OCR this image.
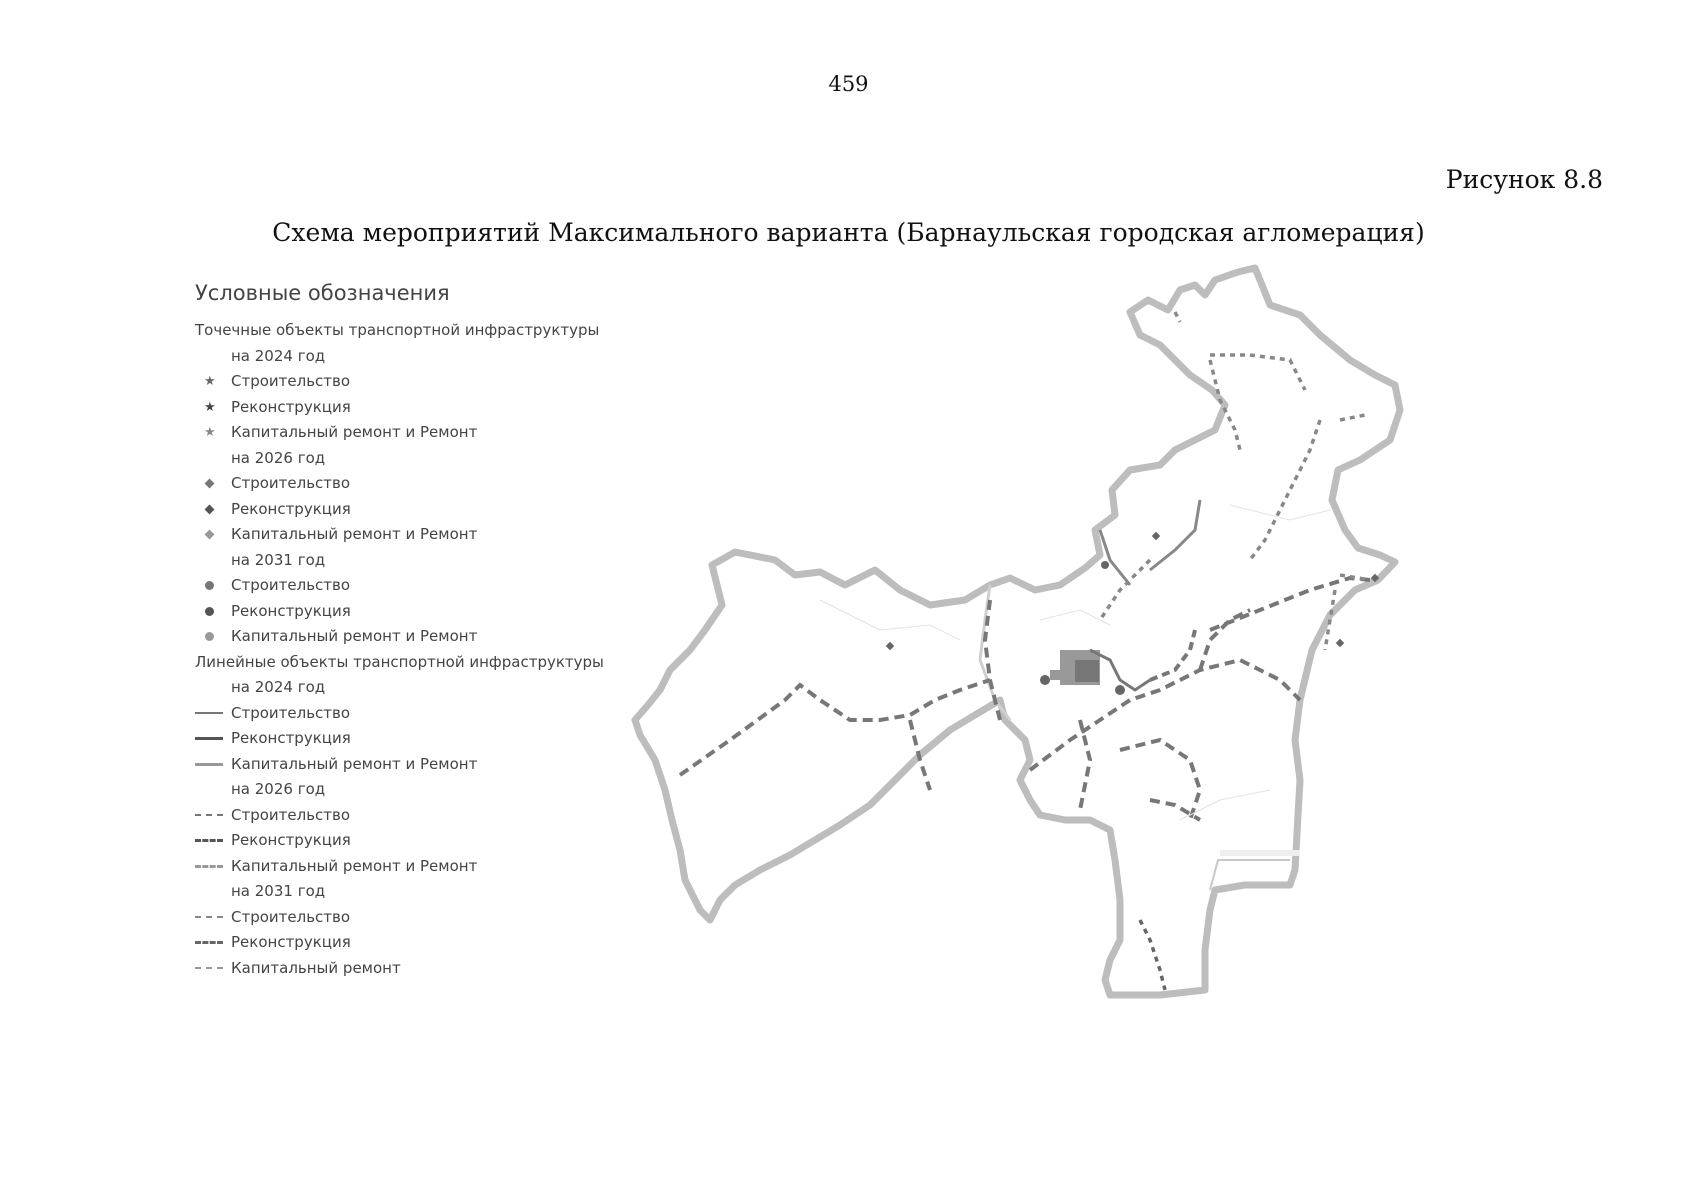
459
Рисунок 8.8
Схема мероприятий Максимального варианта (Барнаульская городская агломерация)
Условные обозначения
Точечные объекты транспортной инфраструктуры
на 2024 год
★ Строительство
★ Реконструкция
★ Капитальный ремонт и Ремонт
на 2026 год
Строительство
Реконструкция
Капитальный ремонт и Ремонт
на 2031 год
Строительство
Реконструкция
Капитальный ремонт и Ремонт
Линейные объекты транспортной инфраструктуры
на 2024 год
Строительство
Реконструкция
Капитальный ремонт и Ремонт
на 2026 год
Строительство
Реконструкция
Капитальный ремонт и Ремонт
на 2031 год
Строительство
Реконструкция
Капитальный ремонт
